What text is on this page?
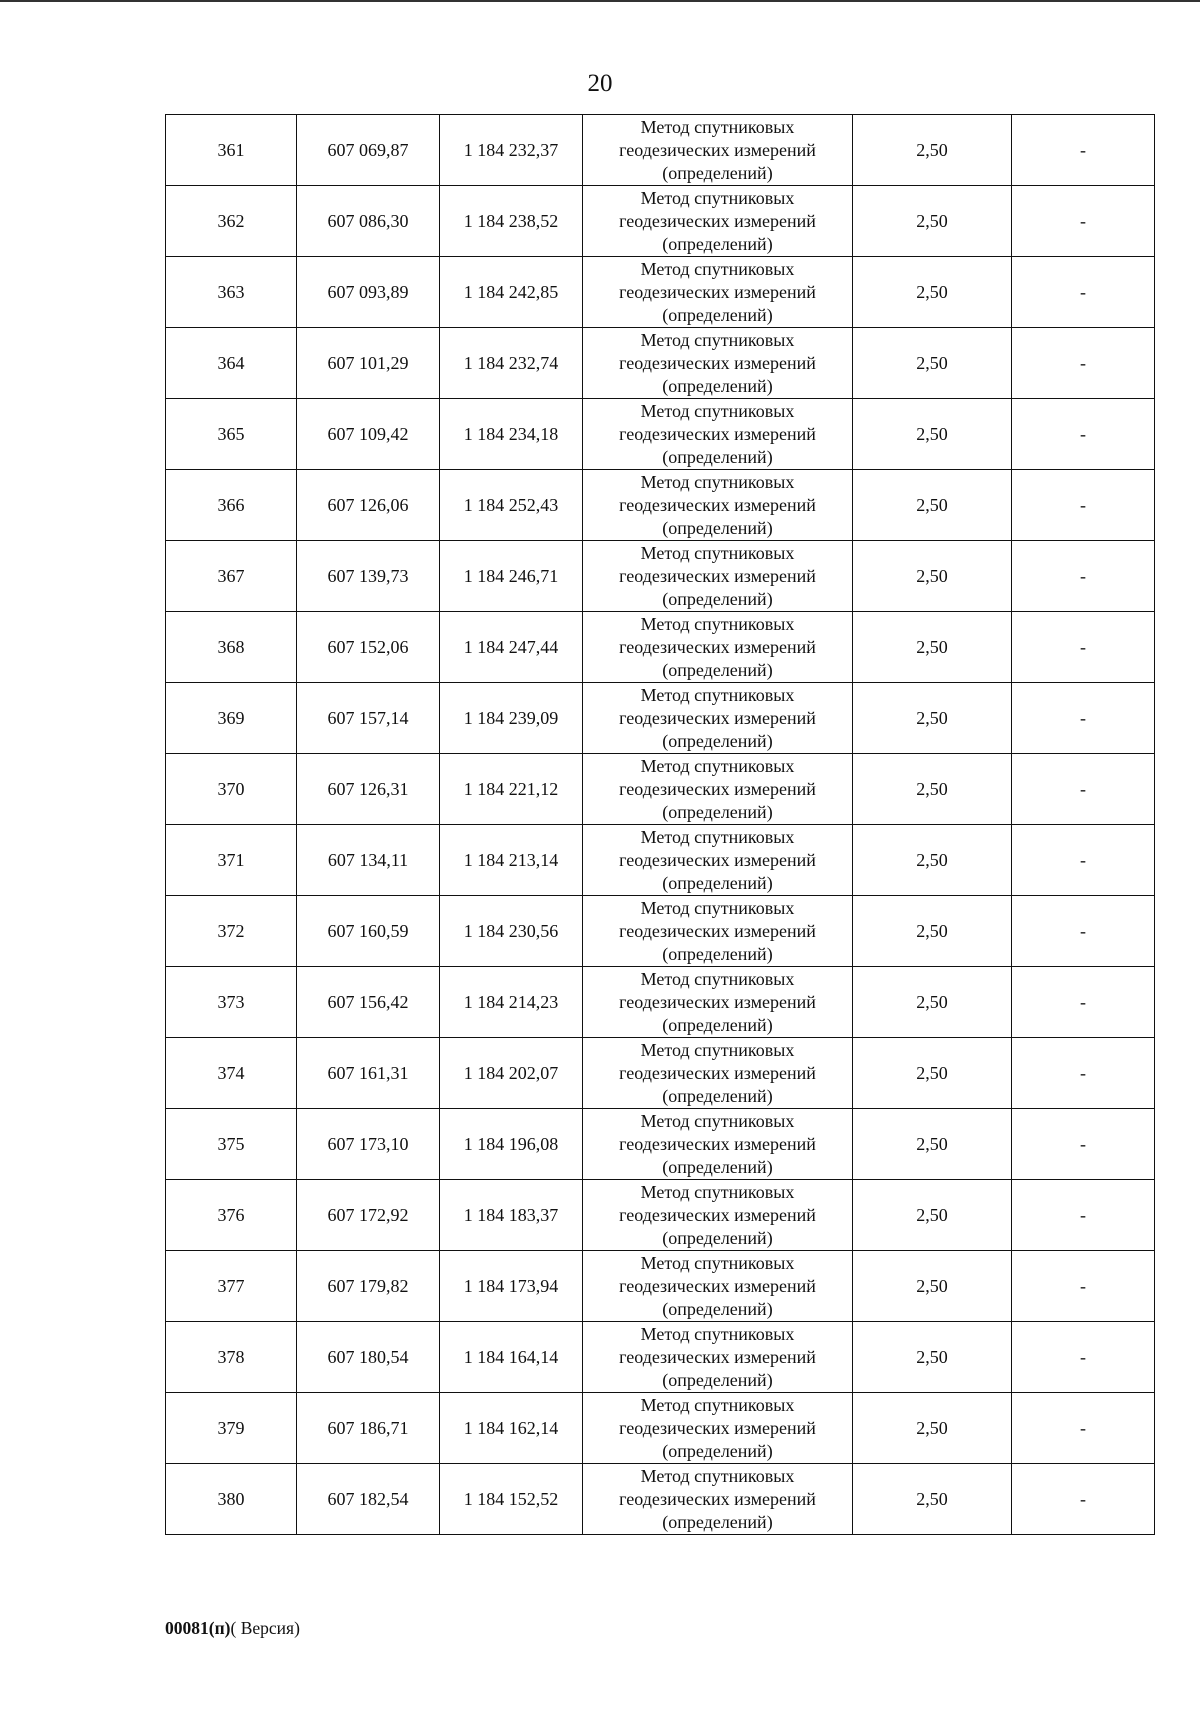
20
361	607 069,87	1 184 232,37	Метод спутниковых
геодезических измерений
(определений)	2,50	-
362	607 086,30	1 184 238,52	Метод спутниковых
геодезических измерений
(определений)	2,50	-
363	607 093,89	1 184 242,85	Метод спутниковых
геодезических измерений
(определений)	2,50	-
364	607 101,29	1 184 232,74	Метод спутниковых
геодезических измерений
(определений)	2,50	-
365	607 109,42	1 184 234,18	Метод спутниковых
геодезических измерений
(определений)	2,50	-
366	607 126,06	1 184 252,43	Метод спутниковых
геодезических измерений
(определений)	2,50	-
367	607 139,73	1 184 246,71	Метод спутниковых
геодезических измерений
(определений)	2,50	-
368	607 152,06	1 184 247,44	Метод спутниковых
геодезических измерений
(определений)	2,50	-
369	607 157,14	1 184 239,09	Метод спутниковых
геодезических измерений
(определений)	2,50	-
370	607 126,31	1 184 221,12	Метод спутниковых
геодезических измерений
(определений)	2,50	-
371	607 134,11	1 184 213,14	Метод спутниковых
геодезических измерений
(определений)	2,50	-
372	607 160,59	1 184 230,56	Метод спутниковых
геодезических измерений
(определений)	2,50	-
373	607 156,42	1 184 214,23	Метод спутниковых
геодезических измерений
(определений)	2,50	-
374	607 161,31	1 184 202,07	Метод спутниковых
геодезических измерений
(определений)	2,50	-
375	607 173,10	1 184 196,08	Метод спутниковых
геодезических измерений
(определений)	2,50	-
376	607 172,92	1 184 183,37	Метод спутниковых
геодезических измерений
(определений)	2,50	-
377	607 179,82	1 184 173,94	Метод спутниковых
геодезических измерений
(определений)	2,50	-
378	607 180,54	1 184 164,14	Метод спутниковых
геодезических измерений
(определений)	2,50	-
379	607 186,71	1 184 162,14	Метод спутниковых
геодезических измерений
(определений)	2,50	-
380	607 182,54	1 184 152,52	Метод спутниковых
геодезических измерений
(определений)	2,50	-
00081(п)( Версия)
